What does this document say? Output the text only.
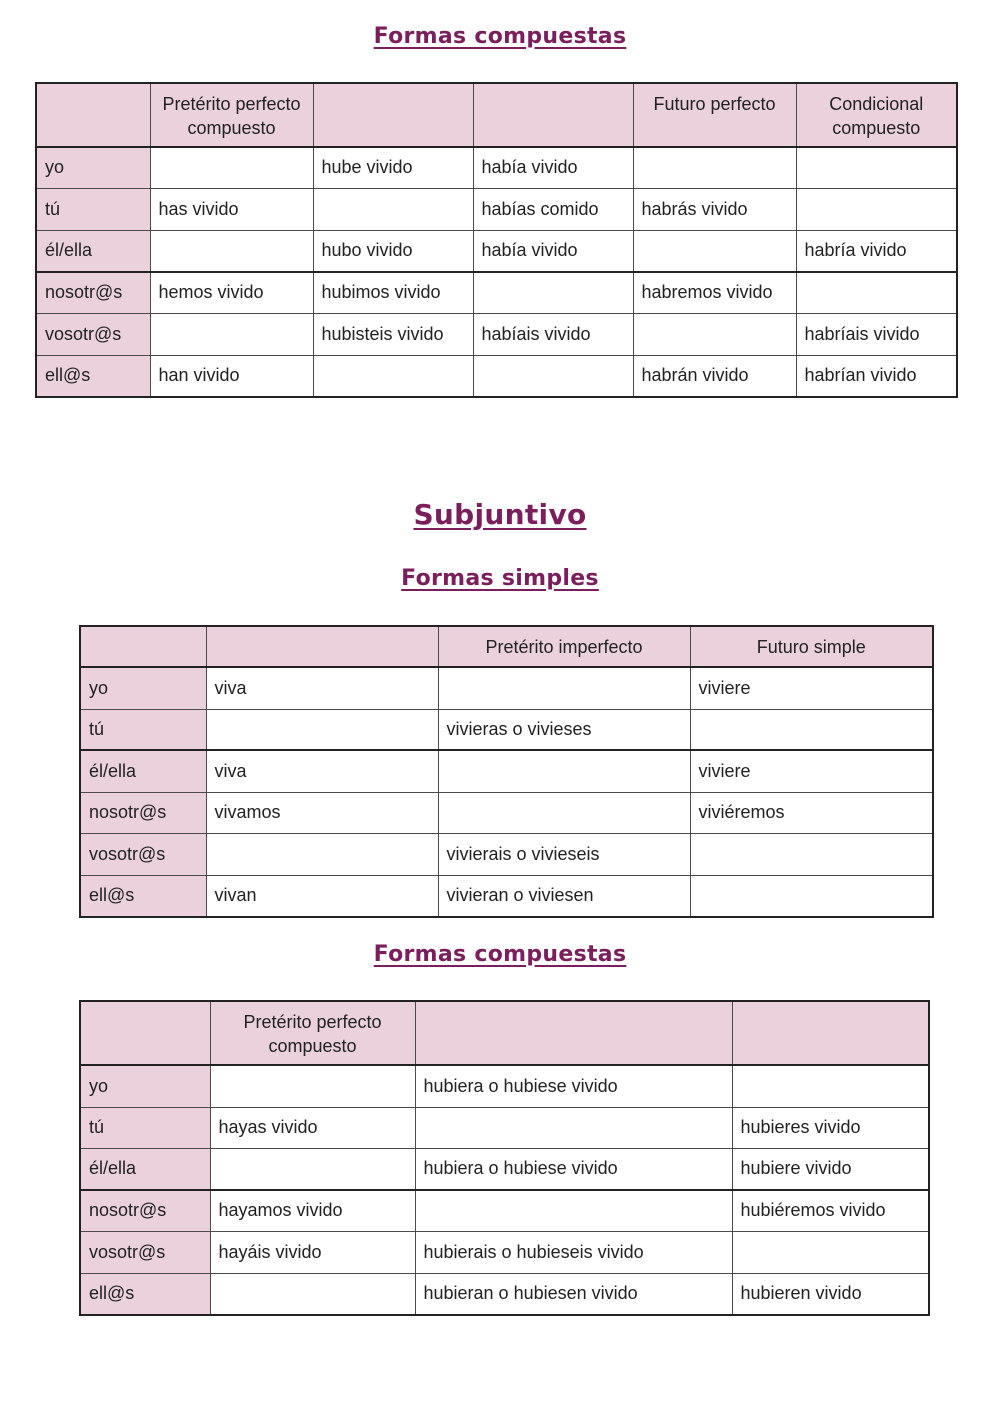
Formas compuestas
	Pretérito perfecto compuesto			Futuro perfecto	Condicional compuesto
yo		hube vivido	había vivido		
tú	has vivido		habías comido	habrás vivido	
él/ella		hubo vivido	había vivido		habría vivido
nosotr@s	hemos vivido	hubimos vivido		habremos vivido	
vosotr@s		hubisteis vivido	habíais vivido		habríais vivido
ell@s	han vivido			habrán vivido	habrían vivido
Subjuntivo
Formas simples
		Pretérito imperfecto	Futuro simple
yo	viva		viviere
tú		vivieras o vivieses	
él/ella	viva		viviere
nosotr@s	vivamos		viviéremos
vosotr@s		vivierais o vivieseis	
ell@s	vivan	vivieran o viviesen	
Formas compuestas
	Pretérito perfecto compuesto		
yo		hubiera o hubiese vivido	
tú	hayas vivido		hubieres vivido
él/ella		hubiera o hubiese vivido	hubiere vivido
nosotr@s	hayamos vivido		hubiéremos vivido
vosotr@s	hayáis vivido	hubierais o hubieseis vivido	
ell@s		hubieran o hubiesen vivido	hubieren vivido
